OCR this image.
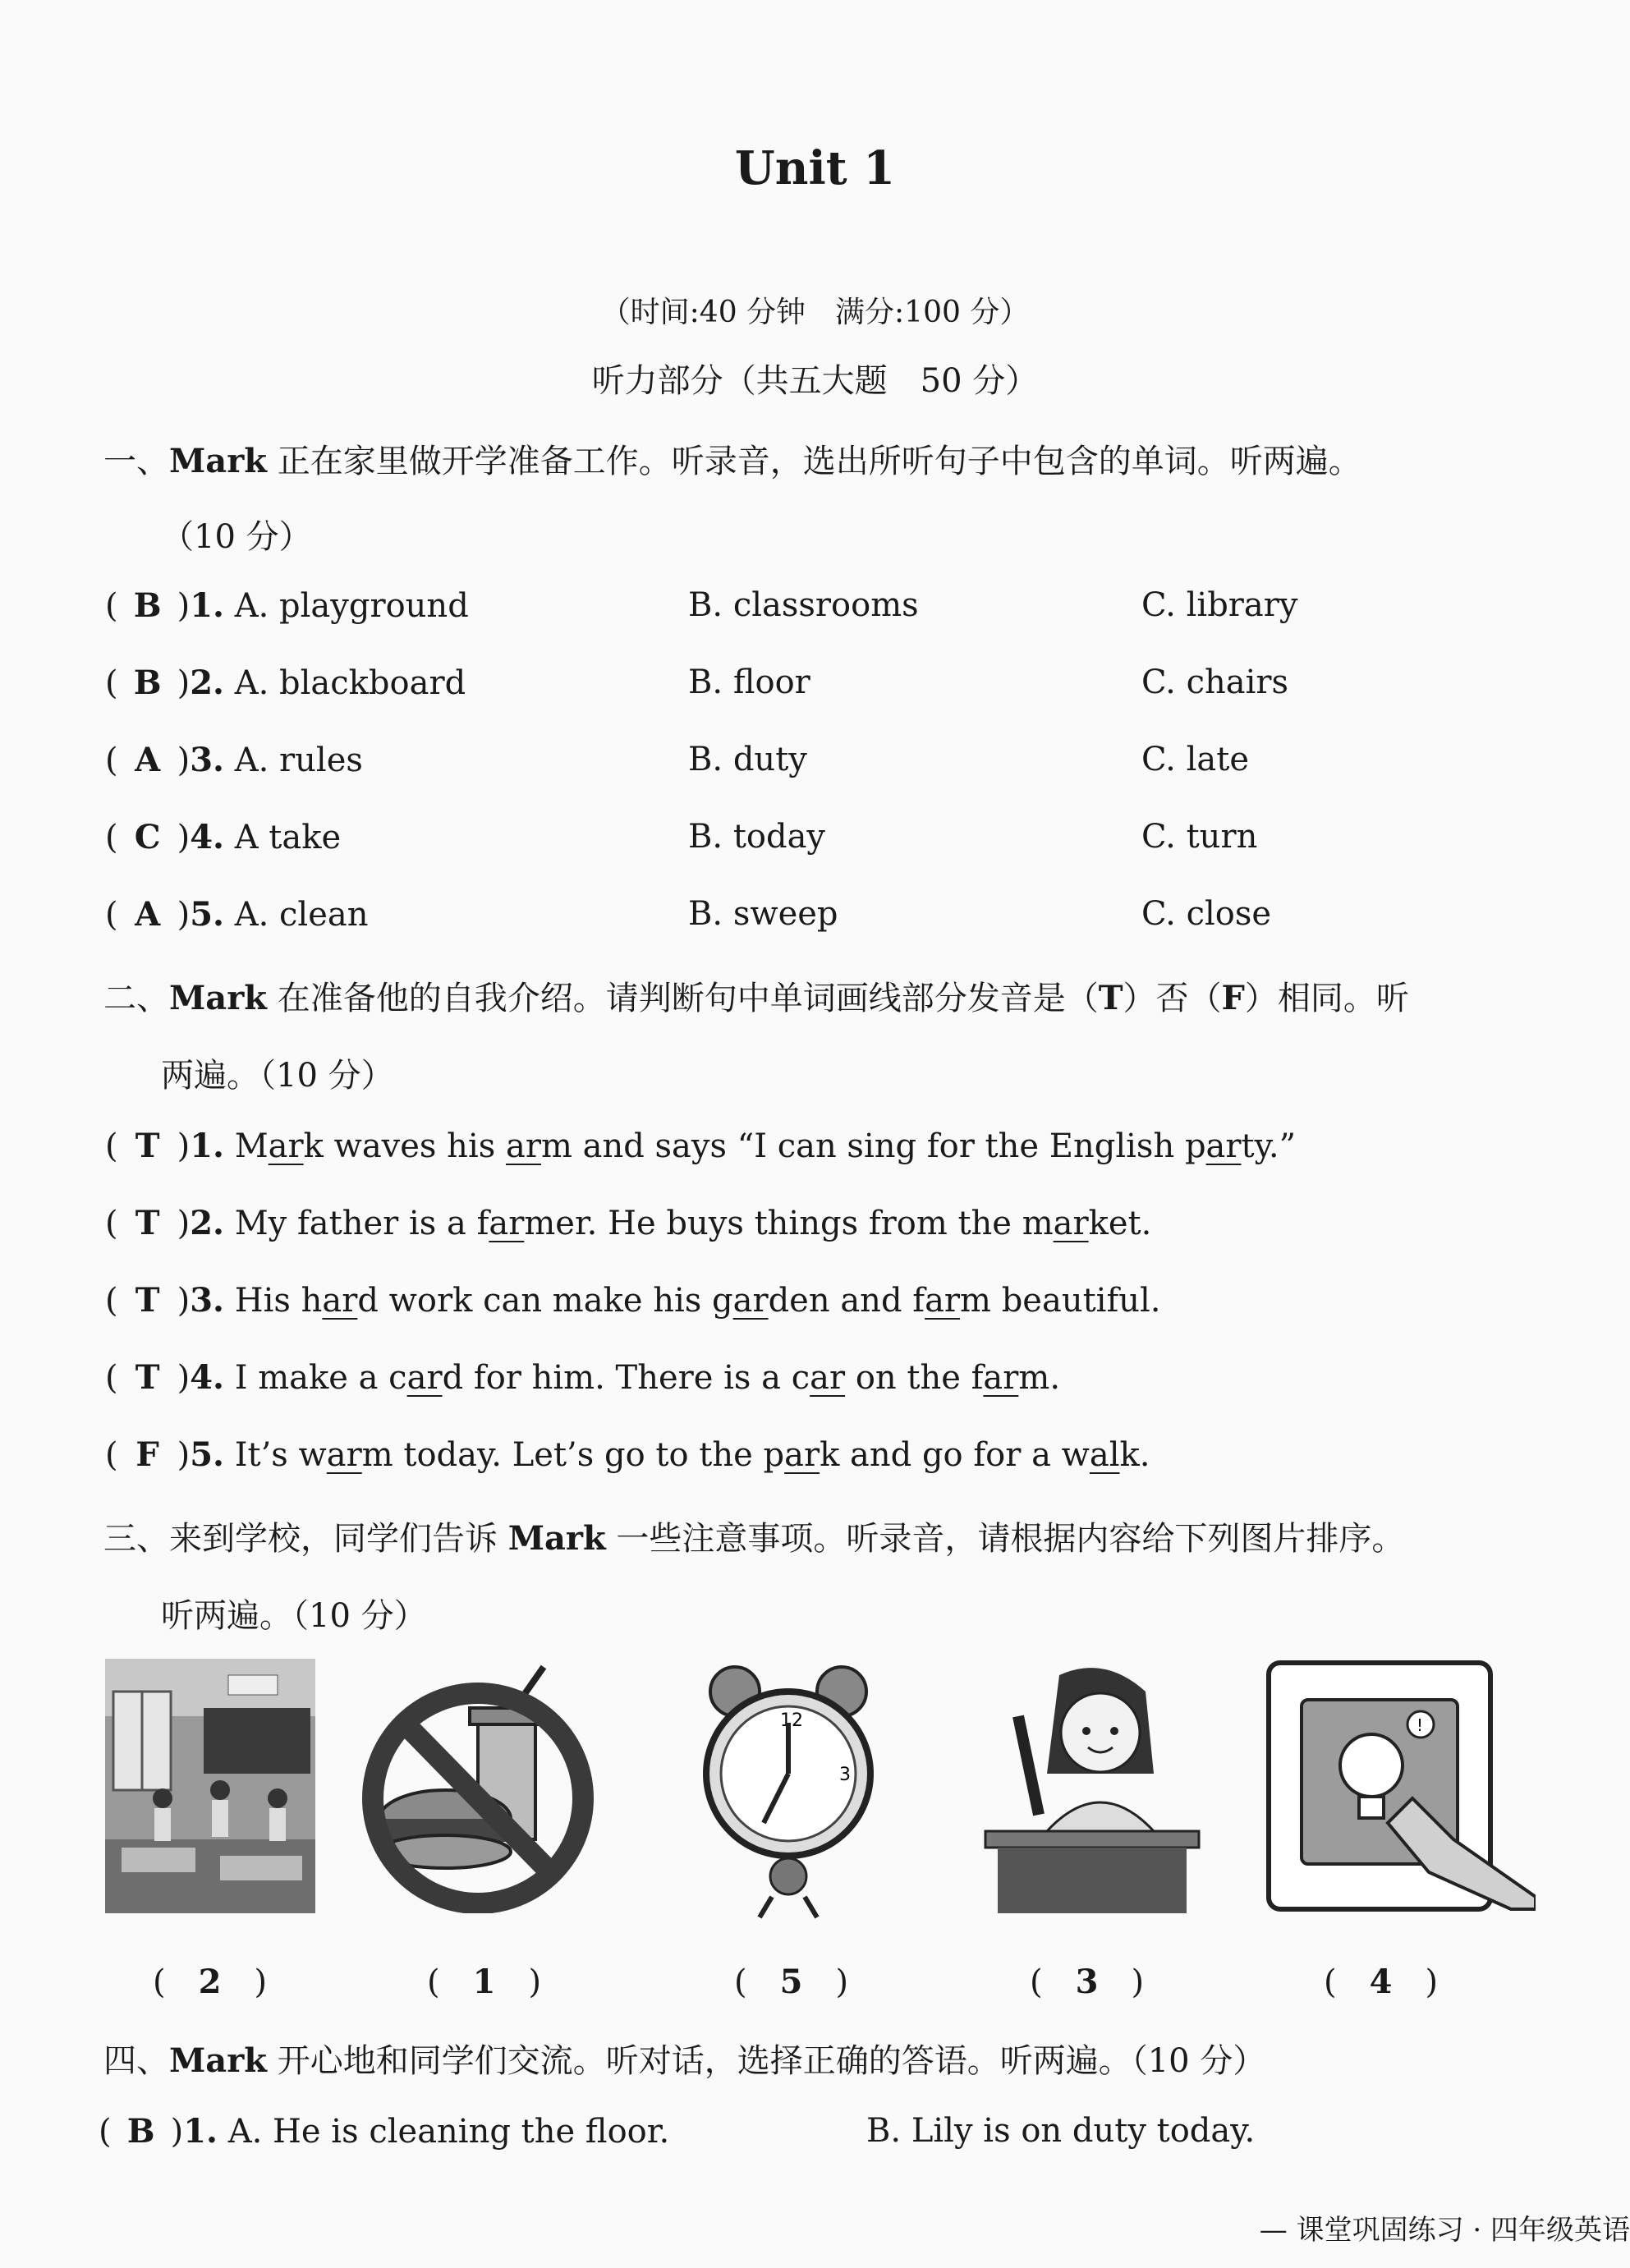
Unit 1
（时间:40 分钟　满分:100 分）
听力部分（共五大题　50 分）
一、Mark 正在家里做开学准备工作。听录音，选出所听句子中包含的单词。听两遍。
（10 分）
( B )1. A. playground	B. classrooms	C. library
( B )2. A. blackboard	B. floor	C. chairs
( A )3. A. rules	B. duty	C. late
( C )4. A take	B. today	C. turn
( A )5. A. clean	B. sweep	C. close
二、Mark 在准备他的自我介绍。请判断句中单词画线部分发音是（T）否（F）相同。听
两遍。（10 分）
( T )1. Mark waves his arm and says “I can sing for the English party.”
( T )2. My father is a farmer. He buys things from the market.
( T )3. His hard work can make his garden and farm beautiful.
( T )4. I make a card for him. There is a car on the farm.
( F )5. It’s warm today. Let’s go to the park and go for a walk.
三、来到学校，同学们告诉 Mark 一些注意事项。听录音，请根据内容给下列图片排序。
听两遍。（10 分）
12
3
!
(　2　)	(　1　)	(　5　)	(　3　)	(　4　)
四、Mark 开心地和同学们交流。听对话，选择正确的答语。听两遍。（10 分）
( B )1. A. He is cleaning the floor.	B. Lily is on duty today.
— 课堂巩固练习 · 四年级英语
